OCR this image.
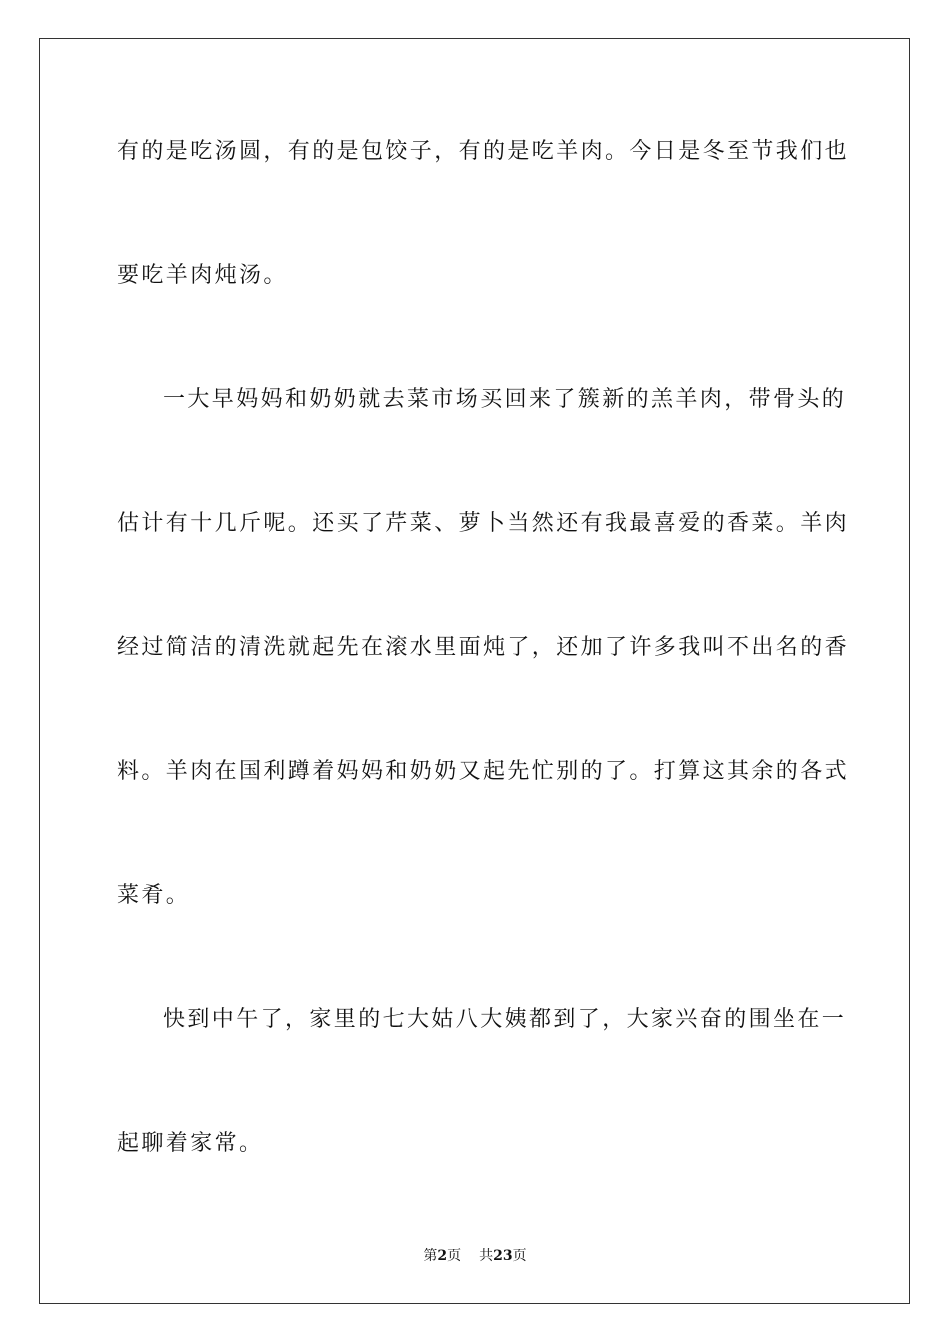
有的是吃汤圆，有的是包饺子，有的是吃羊肉。今日是冬至节我们也
要吃羊肉炖汤。
一大早妈妈和奶奶就去菜市场买回来了簇新的羔羊肉，带骨头的
估计有十几斤呢。还买了芹菜、萝卜当然还有我最喜爱的香菜。羊肉
经过简洁的清洗就起先在滚水里面炖了，还加了许多我叫不出名的香
料。羊肉在国利蹲着妈妈和奶奶又起先忙别的了。打算这其余的各式
菜肴。
快到中午了，家里的七大姑八大姨都到了，大家兴奋的围坐在一
起聊着家常。
第2页 共23页
